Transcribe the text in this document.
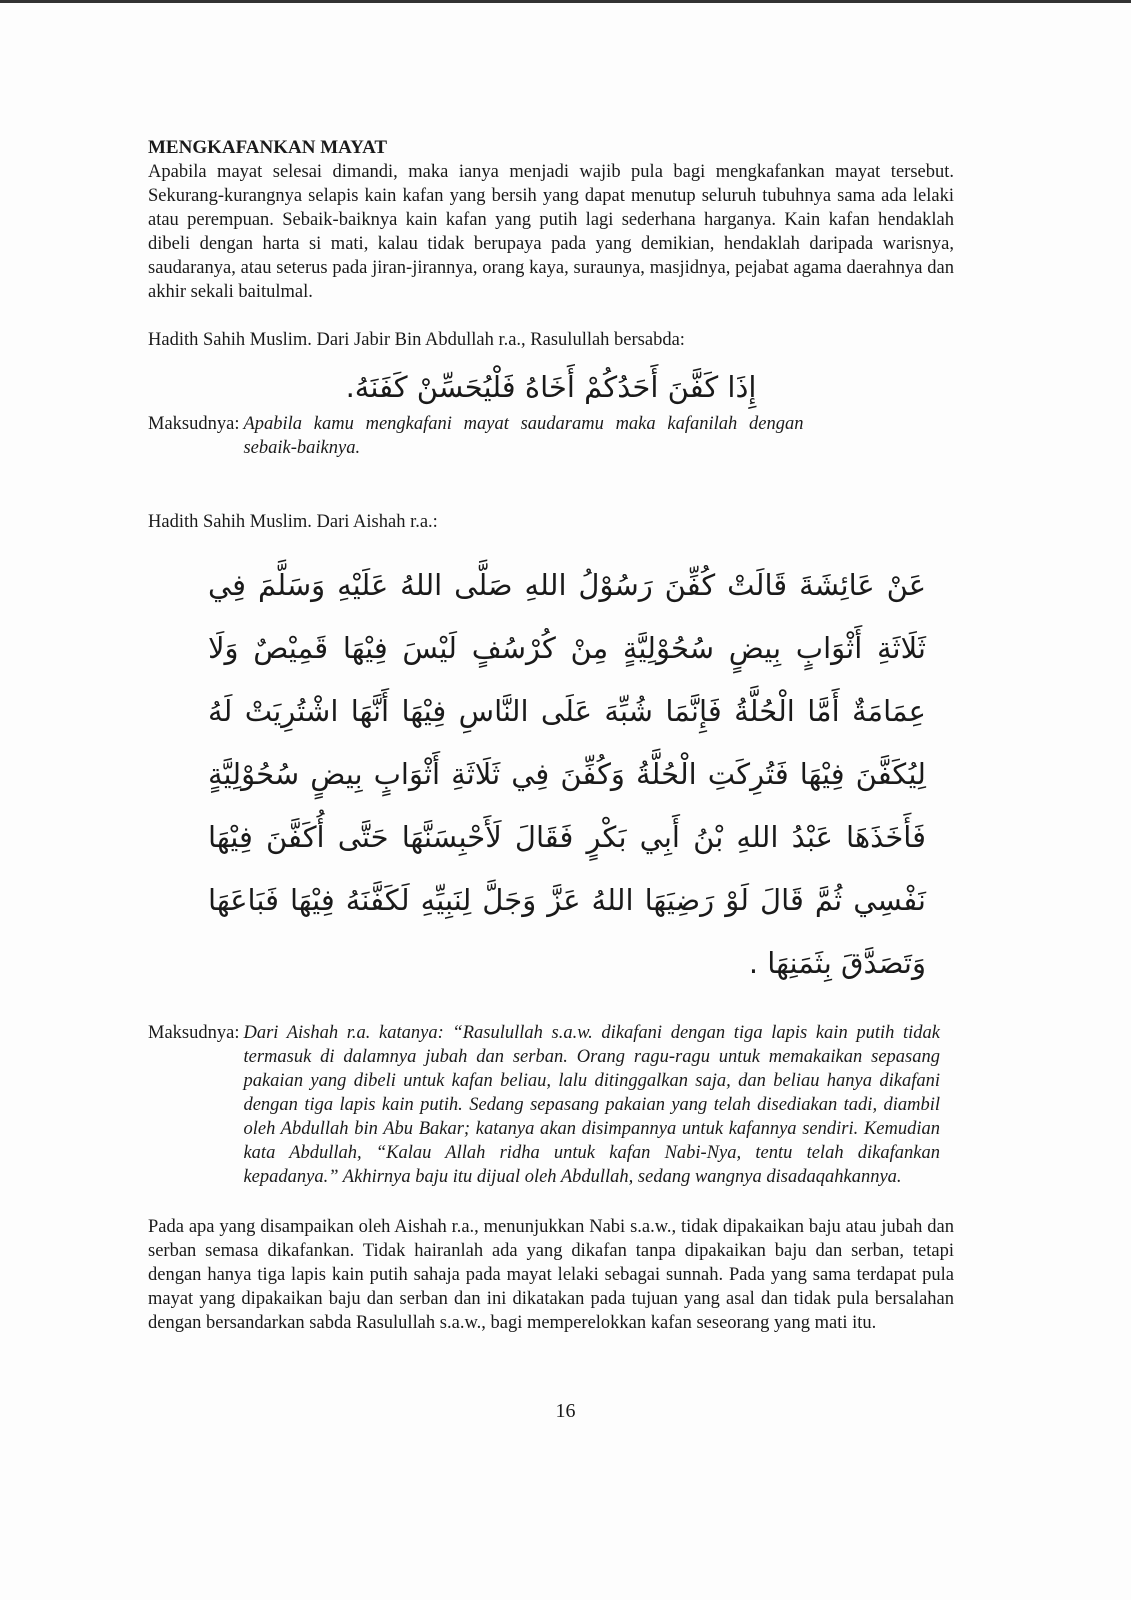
MENGKAFANKAN MAYAT

Apabila mayat selesai dimandi, maka ianya menjadi wajib pula bagi mengkafankan mayat tersebut. Sekurang-kurangnya selapis kain kafan yang bersih yang dapat menutup seluruh tubuhnya sama ada lelaki atau perempuan. Sebaik-baiknya kain kafan yang putih lagi sederhana harganya. Kain kafan hendaklah dibeli dengan harta si mati, kalau tidak berupaya pada yang demikian, hendaklah daripada warisnya, saudaranya, atau seterus pada jiran-jirannya, orang kaya, suraunya, masjidnya, pejabat agama daerahnya dan akhir sekali baitulmal.

Hadith Sahih Muslim. Dari Jabir Bin Abdullah r.a., Rasulullah bersabda:

إِذَا كَفَّنَ أَحَدُكُمْ أَخَاهُ فَلْيُحَسِّنْ كَفَنَهُ.

Maksudnya: Apabila kamu mengkafani mayat saudaramu maka kafanilah dengan sebaik-baiknya.

Hadith Sahih Muslim. Dari Aishah r.a.:

عَنْ عَائِشَةَ قَالَتْ كُفِّنَ رَسُوْلُ اللهِ صَلَّى اللهُ عَلَيْهِ وَسَلَّمَ فِي ثَلَاثَةِ أَثْوَابٍ بِيضٍ سُحُوْلِيَّةٍ مِنْ كُرْسُفٍ لَيْسَ فِيْهَا قَمِيْصٌ وَلَا عِمَامَةٌ أَمَّا الْحُلَّةُ فَإِنَّمَا شُبِّهَ عَلَى النَّاسِ فِيْهَا أَنَّهَا اشْتُرِيَتْ لَهُ لِيُكَفَّنَ فِيْهَا فَتُرِكَتِ الْحُلَّةُ وَكُفِّنَ فِي ثَلَاثَةِ أَثْوَابٍ بِيضٍ سُحُوْلِيَّةٍ فَأَخَذَهَا عَبْدُ اللهِ بْنُ أَبِي بَكْرٍ فَقَالَ لَأَحْبِسَنَّهَا حَتَّى أُكَفَّنَ فِيْهَا نَفْسِي ثُمَّ قَالَ لَوْ رَضِيَهَا اللهُ عَزَّ وَجَلَّ لِنَبِيِّهِ لَكَفَّنَهُ فِيْهَا فَبَاعَهَا وَتَصَدَّقَ بِثَمَنِهَا .

Maksudnya: Dari Aishah r.a. katanya: “Rasulullah s.a.w. dikafani dengan tiga lapis kain putih tidak termasuk di dalamnya jubah dan serban. Orang ragu-ragu untuk memakaikan sepasang pakaian yang dibeli untuk kafan beliau, lalu ditinggalkan saja, dan beliau hanya dikafani dengan tiga lapis kain putih. Sedang sepasang pakaian yang telah disediakan tadi, diambil oleh Abdullah bin Abu Bakar; katanya akan disimpannya untuk kafannya sendiri. Kemudian kata Abdullah, “Kalau Allah ridha untuk kafan Nabi-Nya, tentu telah dikafankan kepadanya.” Akhirnya baju itu dijual oleh Abdullah, sedang wangnya disadaqahkannya.

Pada apa yang disampaikan oleh Aishah r.a., menunjukkan Nabi s.a.w., tidak dipakaikan baju atau jubah dan serban semasa dikafankan. Tidak hairanlah ada yang dikafan tanpa dipakaikan baju dan serban, tetapi dengan hanya tiga lapis kain putih sahaja pada mayat lelaki sebagai sunnah. Pada yang sama terdapat pula mayat yang dipakaikan baju dan serban dan ini dikatakan pada tujuan yang asal dan tidak pula bersalahan dengan bersandarkan sabda Rasulullah s.a.w., bagi memperelokkan kafan seseorang yang mati itu.

16
